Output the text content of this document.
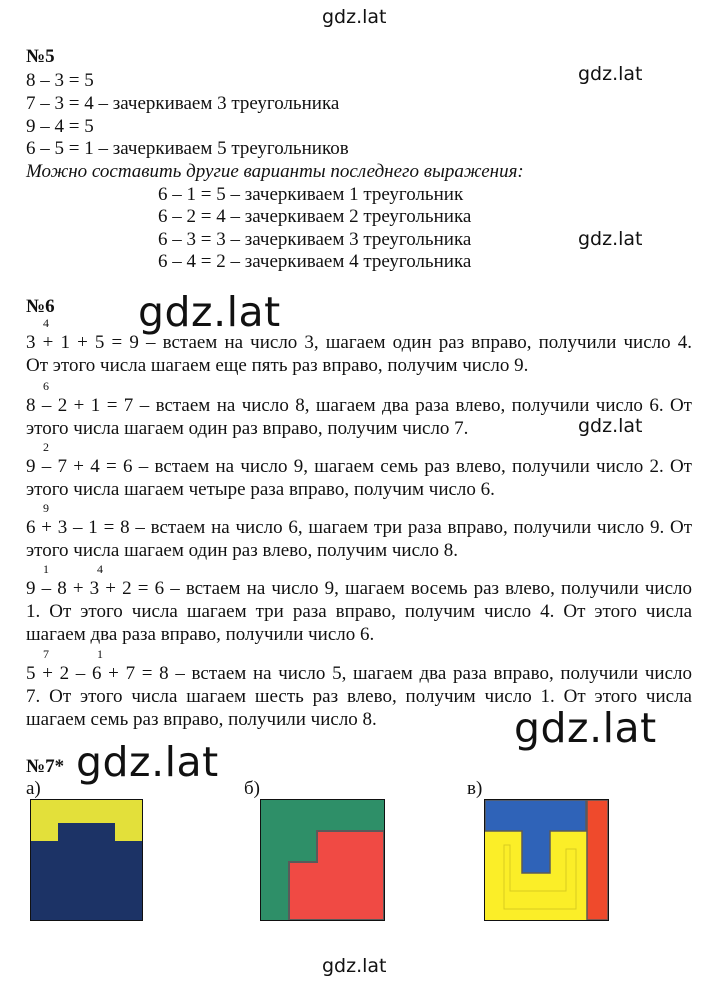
gdz.lat
gdz.lat
gdz.lat
gdz.lat
gdz.lat
gdz.lat
gdz.lat
gdz.lat
№5
8 – 3 = 5
7 – 3 = 4 – зачеркиваем 3 треугольника
9 – 4 = 5
6 – 5 = 1 – зачеркиваем 5 треугольников
Можно составить другие варианты последнего выражения:
6 – 1 = 5 – зачеркиваем 1 треугольник
6 – 2 = 4 – зачеркиваем 2 треугольника
6 – 3 = 3 – зачеркиваем 3 треугольника
6 – 4 = 2 – зачеркиваем 4 треугольника
№6
4
3 + 1 + 5 = 9 – встаем на число 3, шагаем один раз вправо, получили число 4.
От этого числа шагаем еще пять раз вправо, получим число 9.
6
8 – 2 + 1 = 7 – встаем на число 8, шагаем два раза влево, получили число 6. От
этого числа шагаем один раз вправо, получим число 7.
2
9 – 7 + 4 = 6 – встаем на число 9, шагаем семь раз влево, получили число 2. От
этого числа шагаем четыре раза вправо, получим число 6.
9
6 + 3 – 1 = 8 – встаем на число 6, шагаем три раза вправо, получили число 9. От
этого числа шагаем один раз влево, получим число 8.
1	4
9 – 8 + 3 + 2 = 6 – встаем на число 9, шагаем восемь раз влево, получили число
1. От этого числа шагаем три раза вправо, получим число 4. От этого числа
шагаем два раза вправо, получили число 6.
7	1
5 + 2 – 6 + 7 = 8 – встаем на число 5, шагаем два раза вправо, получили число
7. От этого числа шагаем шесть раз влево, получим число 1. От этого числа
шагаем семь раз вправо, получили число 8.
№7*
а)	б)	в)
